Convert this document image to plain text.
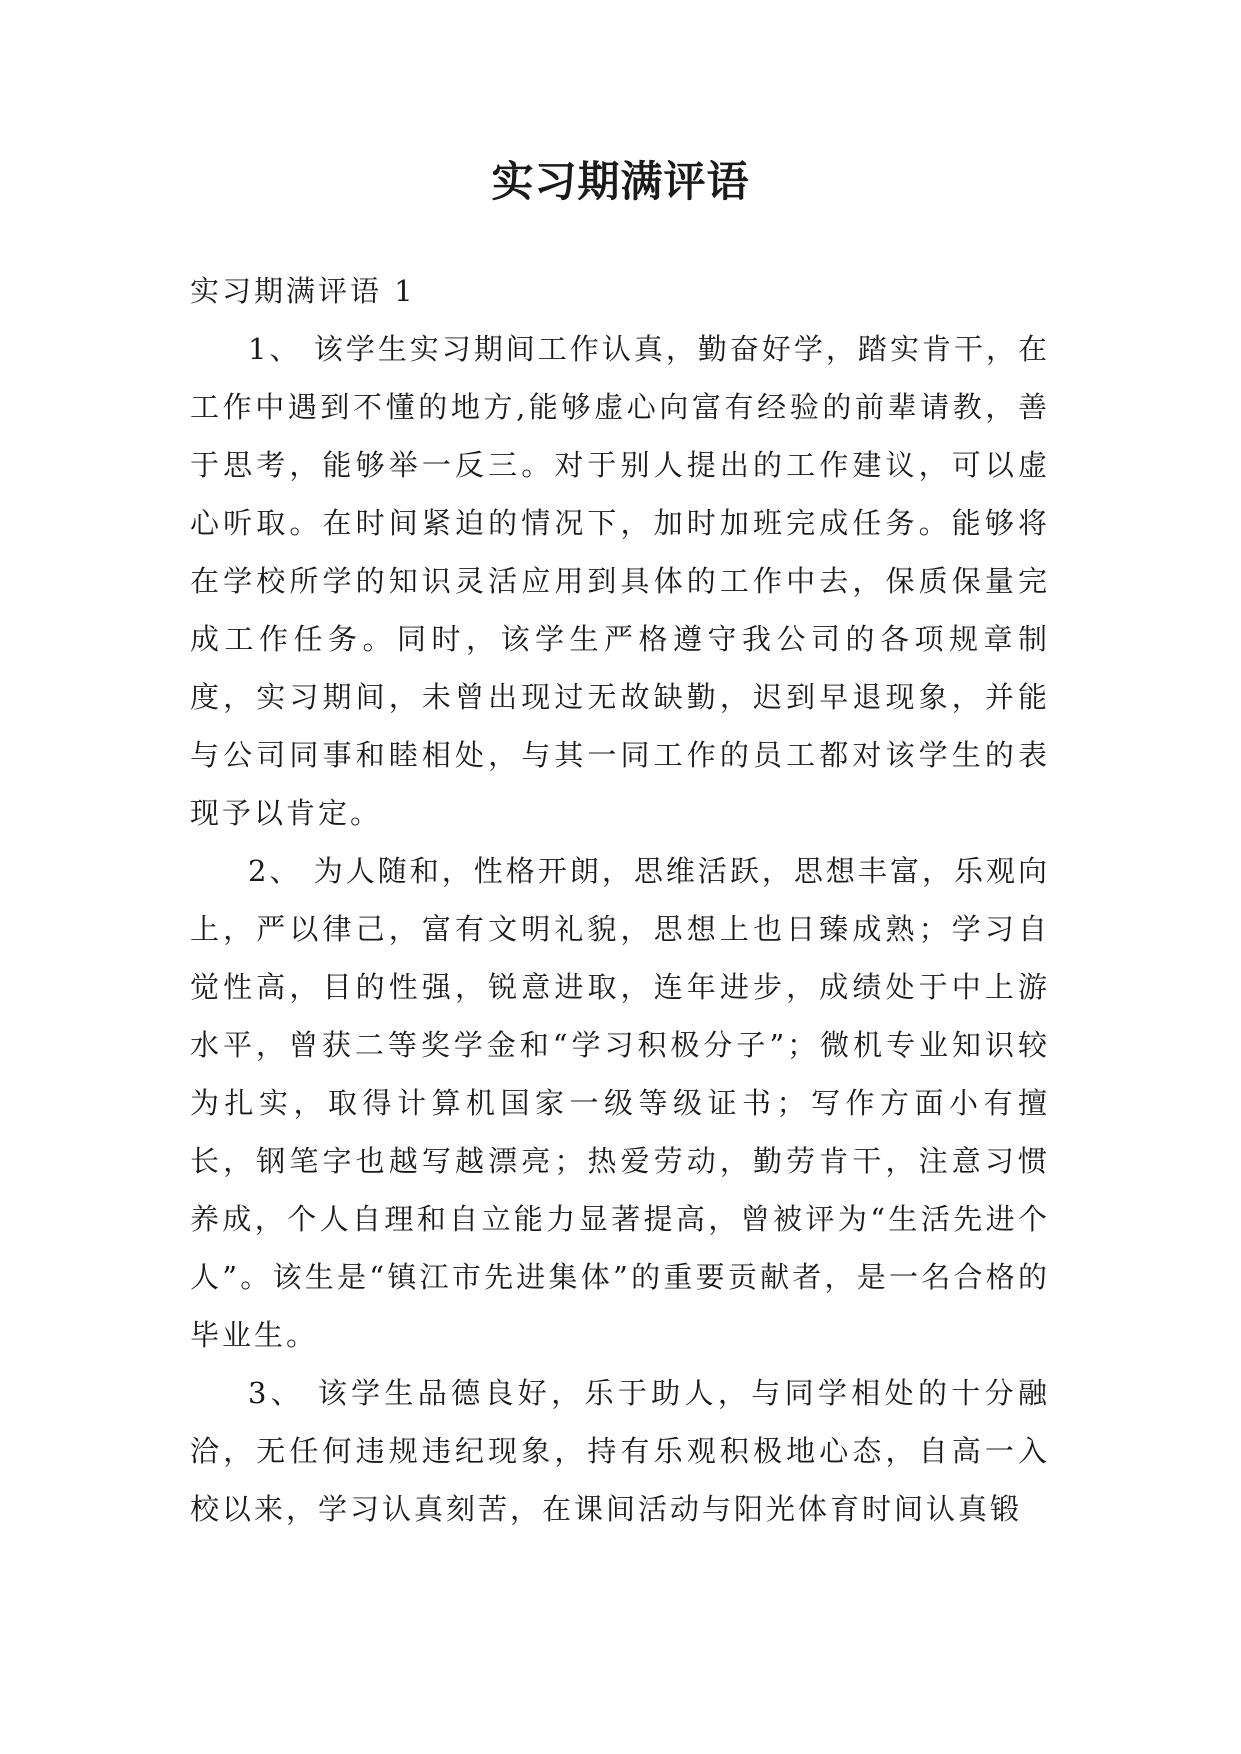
实习期满评语
实习期满评语 1

1、 该学生实习期间工作认真，勤奋好学，踏实肯干，在工作中遇到不懂的地方,能够虚心向富有经验的前辈请教，善于思考，能够举一反三。对于别人提出的工作建议，可以虚心听取。在时间紧迫的情况下，加时加班完成任务。能够将在学校所学的知识灵活应用到具体的工作中去，保质保量完成工作任务。同时，该学生严格遵守我公司的各项规章制度，实习期间，未曾出现过无故缺勤，迟到早退现象，并能与公司同事和睦相处，与其一同工作的员工都对该学生的表现予以肯定。

2、 为人随和，性格开朗，思维活跃，思想丰富，乐观向上，严以律己，富有文明礼貌，思想上也日臻成熟；学习自觉性高，目的性强，锐意进取，连年进步，成绩处于中上游水平，曾获二等奖学金和“学习积极分子”；微机专业知识较为扎实，取得计算机国家一级等级证书；写作方面小有擅长，钢笔字也越写越漂亮；热爱劳动，勤劳肯干，注意习惯养成，个人自理和自立能力显著提高，曾被评为“生活先进个人”。该生是“镇江市先进集体”的重要贡献者，是一名合格的毕业生。

3、 该学生品德良好，乐于助人，与同学相处的十分融洽，无任何违规违纪现象，持有乐观积极地心态，自高一入校以来，学习认真刻苦，在课间活动与阳光体育时间认真锻
